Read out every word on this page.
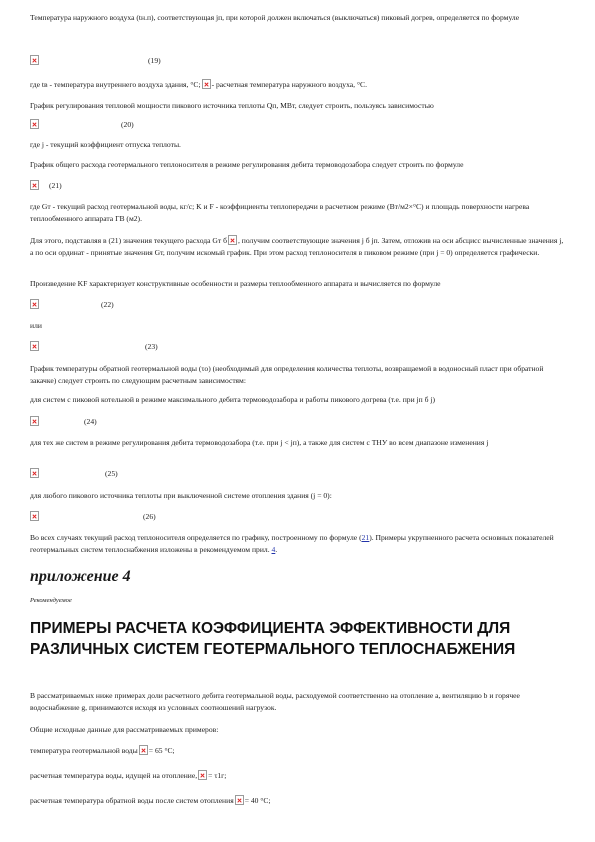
Температура наружного воздуха (tн.п), соответствующая jп, при которой должен включаться (выключаться) пиковый догрев, определяется по формуле

(19)

где tв - температура внутреннего воздуха здания, °С; - расчетная температура наружного воздуха, °С.

График регулирования тепловой мощности пикового источника теплоты Qп, МВт, следует строить, пользуясь зависимостью

(20)

где j - текущий коэффициент отпуска теплоты.

График общего расхода геотермального теплоносителя в режиме регулирования дебита термоводозабора следует строить по формуле

(21)

где Gт - текущий расход геотермальной воды, кг/с; K и F - коэффициенты теплопередачи в расчетном режиме (Вт/м2×°С) и площадь поверхности нагрева теплообменного аппарата ГВ (м2).

Для этого, подставляя в (21) значения текущего расхода Gт б , получим соответствующие значения j б jп. Затем, отложив на оси абсцисс вычисленные значения j, а по оси ординат - принятые значения Gт, получим искомый график. При этом расход теплоносителя в пиковом режиме (при j = 0) определяется графически.

Произведение KF характеризует конструктивные особенности и размеры теплообменного аппарата и вычисляется по формуле

(22)

или

(23)

График температуры обратной геотермальной воды (τо) (необходимый для определения количества теплоты, возвращаемой в водоносный пласт при обратной закачке) следует строить по следующим расчетным зависимостям:

для систем с пиковой котельной в режиме максимального дебита термоводозабора и работы пикового догрева (т.е. при jп б j)

(24)

для тех же систем в режиме регулирования дебита термоводозабора (т.е. при j < jп), а также для систем с ТНУ во всем диапазоне изменения j

(25)

для любого пикового источника теплоты при выключенной системе отопления здания (j = 0):

(26)

Во всех случаях текущий расход теплоносителя определяется по графику, построенному по формуле (21). Примеры укрупненного расчета основных показателей геотермальных систем теплоснабжения изложены в рекомендуемом прил. 4.

приложение 4

Рекомендуемое

ПРИМЕРЫ РАСЧЕТА КОЭФФИЦИЕНТА ЭФФЕКТИВНОСТИ ДЛЯ РАЗЛИЧНЫХ СИСТЕМ ГЕОТЕРМАЛЬНОГО ТЕПЛОСНАБЖЕНИЯ

В рассматриваемых ниже примерах доли расчетного дебита геотермальной воды, расходуемой соответственно на отопление а, вентиляцию b и горячее водоснабжение g, принимаются исходя из условных соотношений нагрузок.

Общие исходные данные для рассматриваемых примеров:

температура геотермальной воды = 65 °С;

расчетная температура воды, идущей на отопление, = τ1г;

расчетная температура обратной воды после систем отопления = 40 °С;
